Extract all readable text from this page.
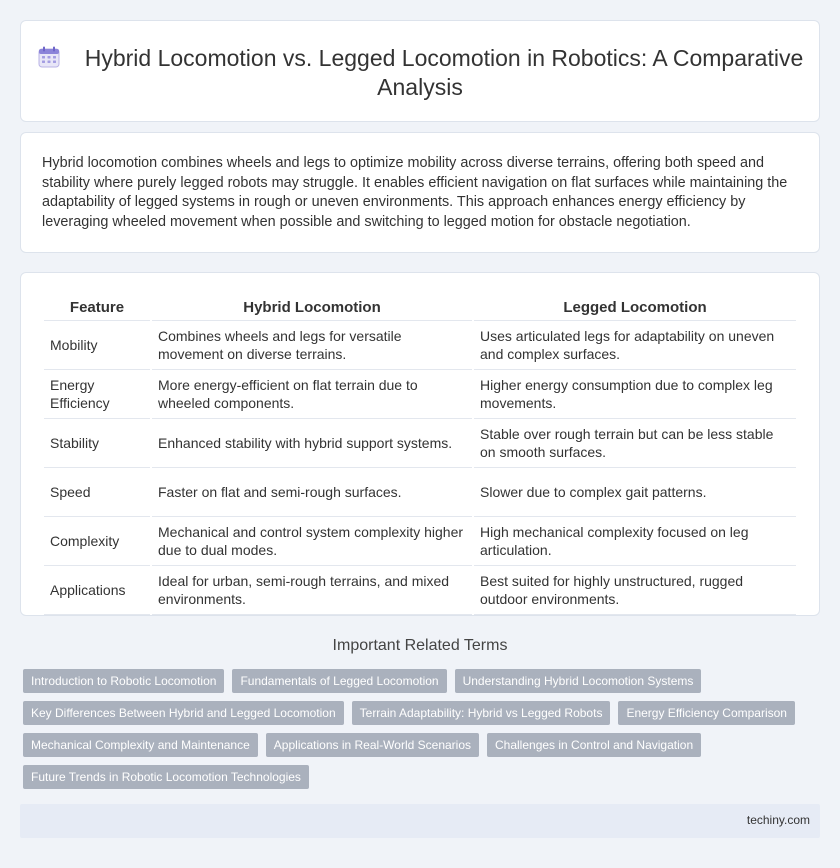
Hybrid Locomotion vs. Legged Locomotion in Robotics: A Comparative Analysis

Hybrid locomotion combines wheels and legs to optimize mobility across diverse terrains, offering both speed and stability where purely legged robots may struggle. It enables efficient navigation on flat surfaces while maintaining the adaptability of legged systems in rough or uneven environments. This approach enhances energy efficiency by leveraging wheeled movement when possible and switching to legged motion for obstacle negotiation.

Feature	Hybrid Locomotion	Legged Locomotion
Mobility	Combines wheels and legs for versatile movement on diverse terrains.	Uses articulated legs for adaptability on uneven and complex surfaces.
Energy Efficiency	More energy-efficient on flat terrain due to wheeled components.	Higher energy consumption due to complex leg movements.
Stability	Enhanced stability with hybrid support systems.	Stable over rough terrain but can be less stable on smooth surfaces.
Speed	Faster on flat and semi-rough surfaces.	Slower due to complex gait patterns.
Complexity	Mechanical and control system complexity higher due to dual modes.	High mechanical complexity focused on leg articulation.
Applications	Ideal for urban, semi-rough terrains, and mixed environments.	Best suited for highly unstructured, rugged outdoor environments.
Important Related Terms
Introduction to Robotic Locomotion	Fundamentals of Legged Locomotion	Understanding Hybrid Locomotion Systems
Key Differences Between Hybrid and Legged Locomotion	Terrain Adaptability: Hybrid vs Legged Robots	Energy Efficiency Comparison
Mechanical Complexity and Maintenance	Applications in Real-World Scenarios	Challenges in Control and Navigation
Future Trends in Robotic Locomotion Technologies
techiny.com
